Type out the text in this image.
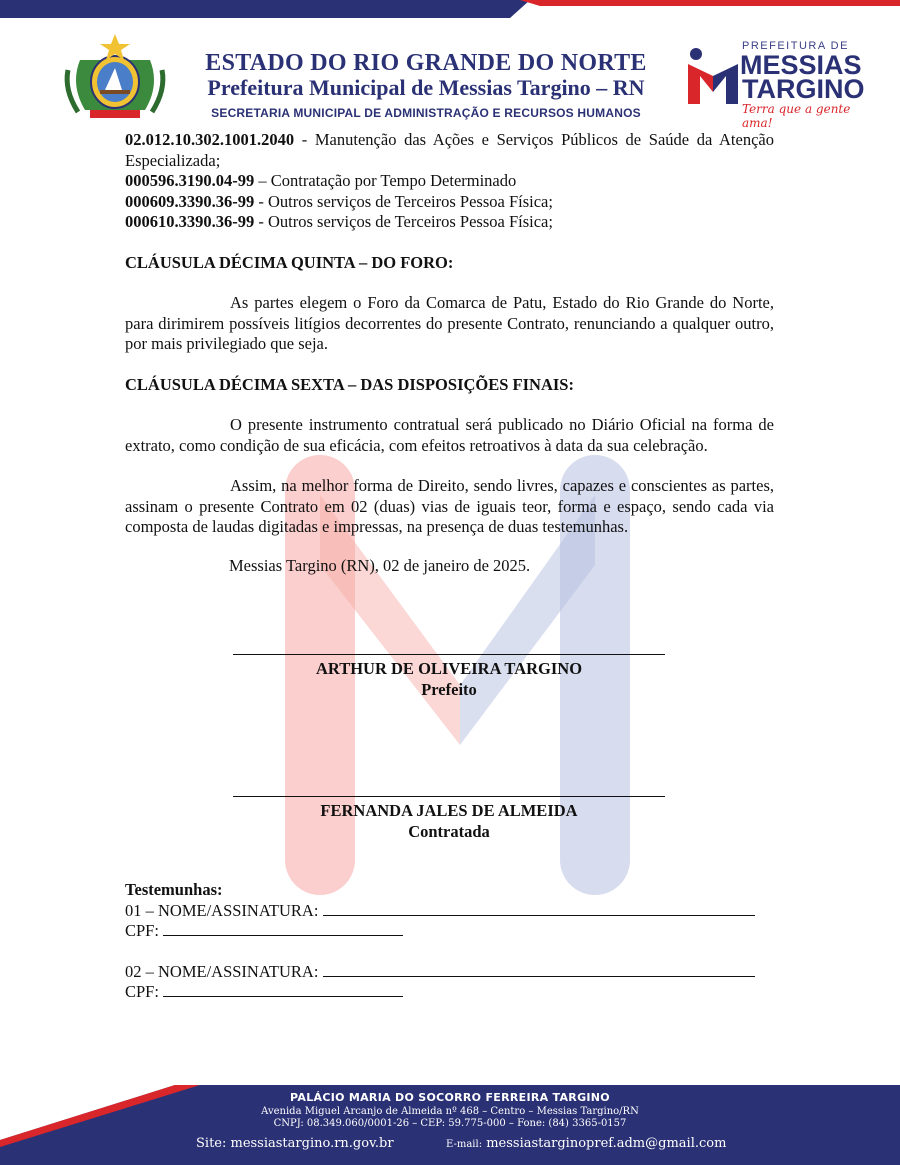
ESTADO DO RIO GRANDE DO NORTE
Prefeitura Municipal de Messias Targino – RN
SECRETARIA MUNICIPAL DE ADMINISTRAÇÃO E RECURSOS HUMANOS
PREFEITURA DE
MESSIAS
TARGINO
Terra que a gente ama!

02.012.10.302.1001.2040 - Manutenção das Ações e Serviços Públicos de Saúde da Atenção Especializada;

000596.3190.04-99 – Contratação por Tempo Determinado

000609.3390.36-99 - Outros serviços de Terceiros Pessoa Física;

000610.3390.36-99 - Outros serviços de Terceiros Pessoa Física;

CLÁUSULA DÉCIMA QUINTA – DO FORO:

As partes elegem o Foro da Comarca de Patu, Estado do Rio Grande do Norte, para dirimirem possíveis litígios decorrentes do presente Contrato, renunciando a qualquer outro, por mais privilegiado que seja.

CLÁUSULA DÉCIMA SEXTA – DAS DISPOSIÇÕES FINAIS:

O presente instrumento contratual será publicado no Diário Oficial na forma de extrato, como condição de sua eficácia, com efeitos retroativos à data da sua celebração.

Assim, na melhor forma de Direito, sendo livres, capazes e conscientes as partes, assinam o presente Contrato em 02 (duas) vias de iguais teor, forma e espaço, sendo cada via composta de laudas digitadas e impressas, na presença de duas testemunhas.

Messias Targino (RN), 02 de janeiro de 2025.
ARTHUR DE OLIVEIRA TARGINO
Prefeito
FERNANDA JALES DE ALMEIDA
Contratada
Testemunhas:
01 – NOME/ASSINATURA:
CPF:
02 – NOME/ASSINATURA:
CPF:
PALÁCIO MARIA DO SOCORRO FERREIRA TARGINO
Avenida Miguel Arcanjo de Almeida nº 468 – Centro – Messias Targino/RN
CNPJ: 08.349.060/0001-26 – CEP: 59.775-000 – Fone: (84) 3365-0157
Site: messiastargino.rn.gov.br	E-mail: messiastarginopref.adm@gmail.com
